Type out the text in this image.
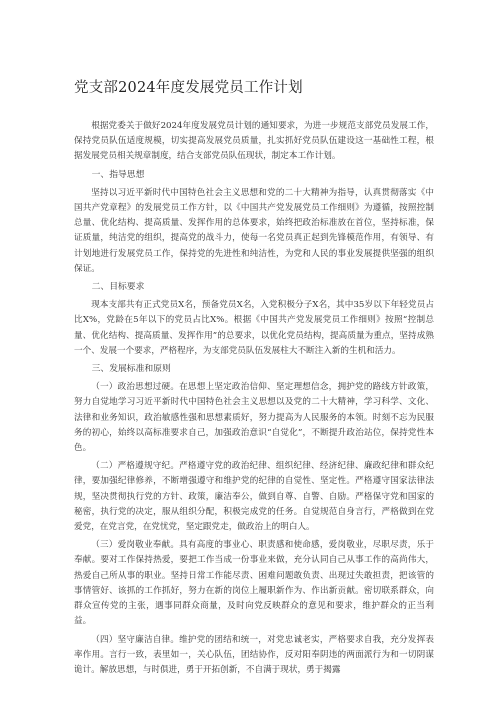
党支部2024年度发展党员工作计划

根据党委关于做好2024年度发展党员计划的通知要求，为进一步规范支部党员发展工作，保持党员队伍适度规模，切实提高发展党员质量，扎实抓好党员队伍建设这一基础性工程，根据发展党员相关规章制度，结合支部党员队伍现状，制定本工作计划。

一、指导思想

坚持以习近平新时代中国特色社会主义思想和党的二十大精神为指导，认真贯彻落实《中国共产党章程》的发展党员工作方针，以《中国共产党发展党员工作细则》为遵循，按照控制总量、优化结构、提高质量、发挥作用的总体要求，始终把政治标准放在首位，坚持标准，保证质量，纯洁党的组织，提高党的战斗力，使每一名党员真正起到先锋模范作用，有领导、有计划地进行发展党员工作，保持党的先进性和纯洁性，为党和人民的事业发展提供坚强的组织保证。

二、目标要求

现本支部共有正式党员X名，预备党员X名，入党积极分子X名，其中35岁以下年轻党员占比X%，党龄在5年以下的党员占比X%。根据《中国共产党发展党员工作细则》按照“控制总量、优化结构、提高质量、发挥作用”的总要求，以优化党员结构，提高质量为重点，坚持成熟一个、发展一个要求，严格程序，为支部党员队伍发展柱大不断注入新的生机和活力。

三、发展标准和原则

（一）政治思想过硬。在思想上坚定政治信仰、坚定理想信念，拥护党的路线方针政策，努力自觉地学习习近平新时代中国特色社会主义思想以及党的二十大精神，学习科学、文化、法律和业务知识，政治敏感性强和思想素质好，努力提高为人民服务的本领。时刻不忘为民服务的初心，始终以高标准要求自己，加强政治意识“自觉化”，不断提升政治站位，保持党性本色。

（二）严格遵规守纪。严格遵守党的政治纪律、组织纪律、经济纪律、廉政纪律和群众纪律，要加强纪律修养，不断增强遵守和维护党的纪律的自觉性、坚定性。严格遵守国家法律法规，坚决贯彻执行党的方针、政策，廉洁奉公，做到自尊、自警、自励。严格保守党和国家的秘密，执行党的决定，服从组织分配，积极完成党的任务。自觉规范自身言行，严格做到在党爱党，在党言党，在党忧党，坚定跟党走，做政治上的明白人。

（三）爱岗敬业奉献。具有高度的事业心、职责感和使命感，爱岗敬业，尽职尽责，乐于奉献。要对工作保持热爱，要把工作当成一份事业来做，充分认同自己从事工作的高尚伟大，热爱自己所从事的职业。坚持日常工作能尽责、困难问题敢负责、出现过失敢担责，把该管的事情管好、该抓的工作抓好，努力在新的岗位上履职新作为、作出新贡献。密切联系群众，向群众宣传党的主张，遇事同群众商量，及时向党反映群众的意见和要求，维护群众的正当利益。

（四）坚守廉洁自律。维护党的团结和统一，对党忠诚老实，严格要求自我，充分发挥表率作用。言行一致，表里如一，关心队伍，团结协作，反对阳奉阴违的两面派行为和一切阴谋诡计。解放思想，与时俱进，勇于开拓创新，不自满于现状，勇于揭露
